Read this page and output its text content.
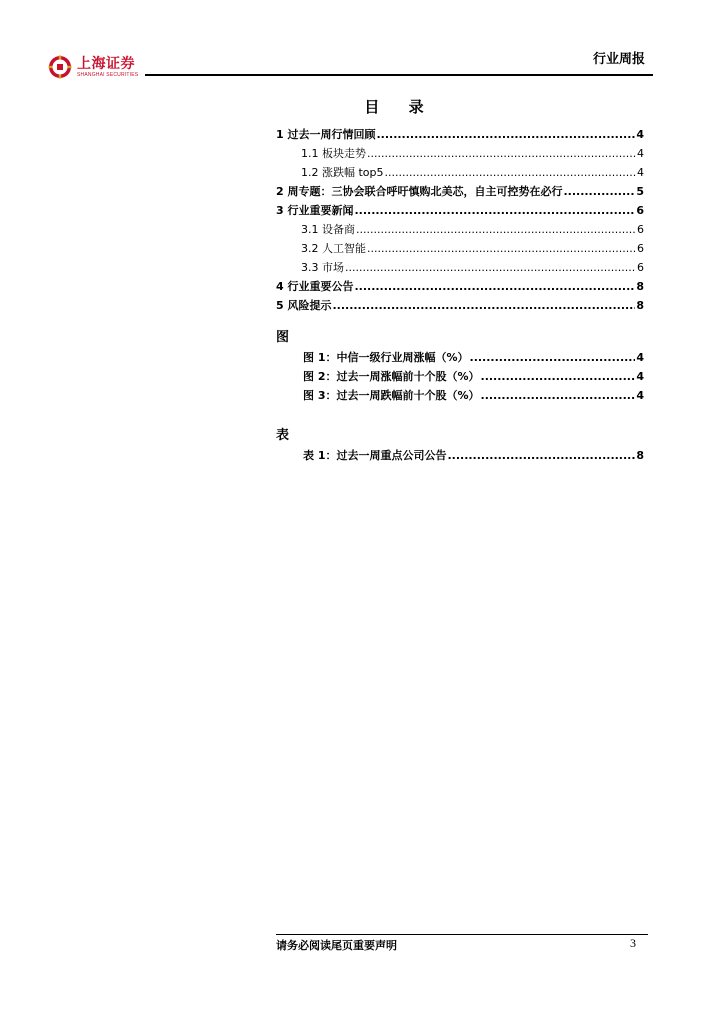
上海证券
SHANGHAI SECURITIES
行业周报
目 录
1 过去一周行情回顾 .....	4
1.1 板块走势 .....	4
1.2 涨跌幅 top5 .....	4
2 周专题：三协会联合呼吁慎购北美芯，自主可控势在必行 .....	5
3 行业重要新闻 .....	6
3.1 设备商 .....	6
3.2 人工智能 .....	6
3.3 市场 .....	6
4 行业重要公告 .....	8
5 风险提示 .....	8
图
图 1：中信一级行业周涨幅（%） .....	4
图 2：过去一周涨幅前十个股（%） .....	4
图 3：过去一周跌幅前十个股（%） .....	4
表
表 1：过去一周重点公司公告 .....	8
请务必阅读尾页重要声明	3
